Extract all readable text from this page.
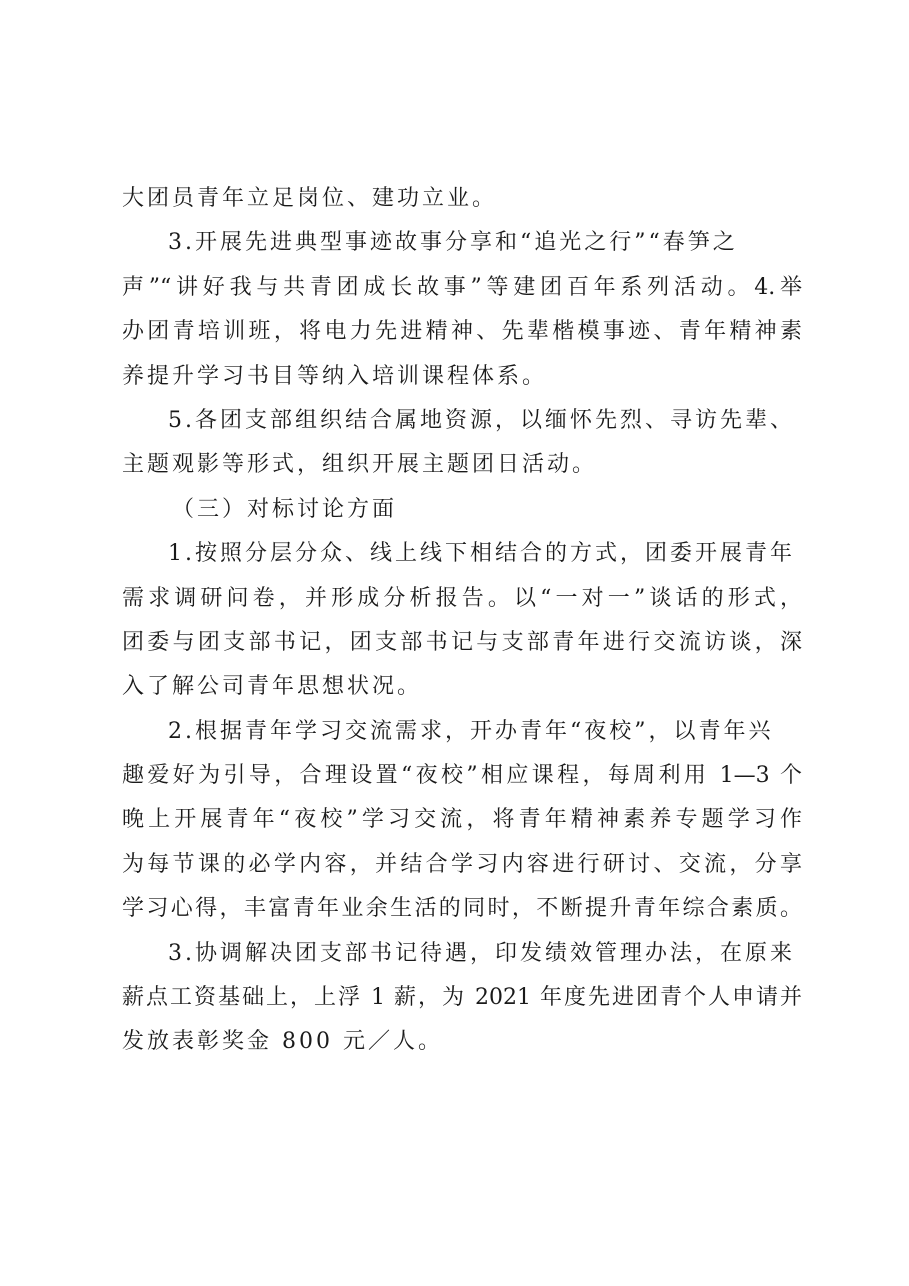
大团员青年立足岗位、建功立业。
3.开展先进典型事迹故事分享和“追光之行”“春笋之
声”“讲好我与共青团成长故事”等建团百年系列活动。4.举
办团青培训班，将电力先进精神、先辈楷模事迹、青年精神素
养提升学习书目等纳入培训课程体系。
5.各团支部组织结合属地资源，以缅怀先烈、寻访先辈、
主题观影等形式，组织开展主题团日活动。
（三）对标讨论方面
1.按照分层分众、线上线下相结合的方式，团委开展青年
需求调研问卷，并形成分析报告。以“一对一”谈话的形式，
团委与团支部书记，团支部书记与支部青年进行交流访谈，深
入了解公司青年思想状况。
2.根据青年学习交流需求，开办青年“夜校”，以青年兴
趣爱好为引导，合理设置“夜校”相应课程，每周利用 1—3 个
晚上开展青年“夜校”学习交流，将青年精神素养专题学习作
为每节课的必学内容，并结合学习内容进行研讨、交流，分享
学习心得，丰富青年业余生活的同时，不断提升青年综合素质。
3.协调解决团支部书记待遇，印发绩效管理办法，在原来
薪点工资基础上，上浮 1 薪，为 2021 年度先进团青个人申请并
发放表彰奖金 800 元／人。
